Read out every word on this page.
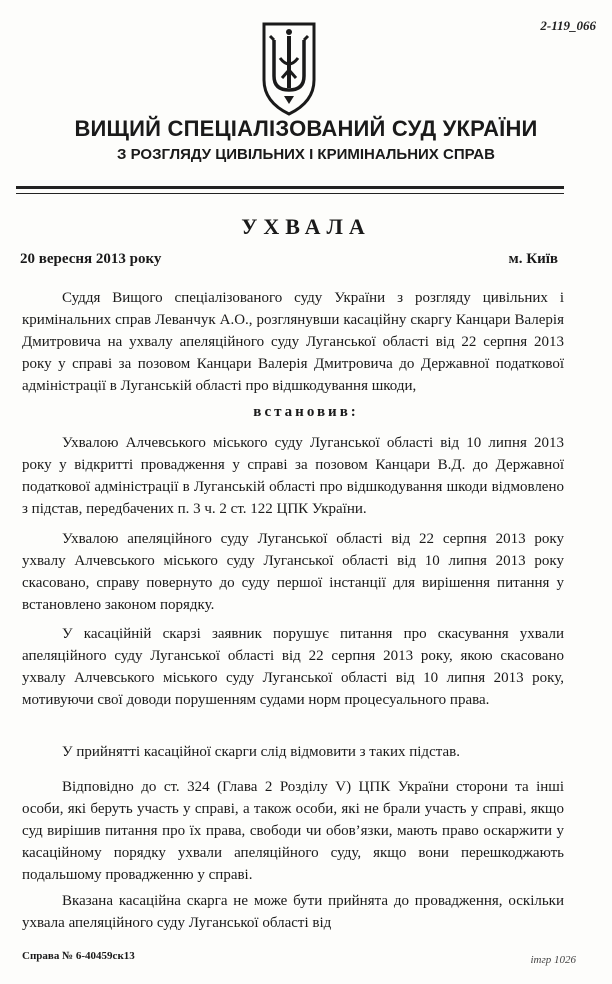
2-119_066
ВИЩИЙ СПЕЦІАЛІЗОВАНИЙ СУД УКРАЇНИ
З РОЗГЛЯДУ ЦИВІЛЬНИХ І КРИМІНАЛЬНИХ СПРАВ
УХВАЛА
20 вересня 2013 року	м. Київ
Суддя Вищого спеціалізованого суду України з розгляду цивільних і кримінальних справ Леванчук А.О., розглянувши касаційну скаргу Канцари Валерія Дмитровича на ухвалу апеляційного суду Луганської області від 22 серпня 2013 року у справі за позовом Канцари Валерія Дмитровича до Державної податкової адміністрації в Луганській області про відшкодування шкоди,
встановив:
Ухвалою Алчевського міського суду Луганської області від 10 липня 2013 року у відкритті провадження у справі за позовом Канцари В.Д. до Державної податкової адміністрації в Луганській області про відшкодування шкоди відмовлено з підстав, передбачених п. 3 ч. 2 ст. 122 ЦПК України.
Ухвалою апеляційного суду Луганської області від 22 серпня 2013 року ухвалу Алчевського міського суду Луганської області від 10 липня 2013 року скасовано, справу повернуто до суду першої інстанції для вирішення питання у встановлено законом порядку.
У касаційній скарзі заявник порушує питання про скасування ухвали апеляційного суду Луганської області від 22 серпня 2013 року, якою скасовано ухвалу Алчевського міського суду Луганської області від 10 липня 2013 року, мотивуючи свої доводи порушенням судами норм процесуального права.
У прийнятті касаційної скарги слід відмовити з таких підстав.
Відповідно до ст. 324 (Глава 2 Розділу V) ЦПК України сторони та інші особи, які беруть участь у справі, а також особи, які не брали участь у справі, якщо суд вирішив питання про їх права, свободи чи обов’язки, мають право оскаржити у касаційному порядку ухвали апеляційного суду, якщо вони перешкоджають подальшому провадженню у справі.
Вказана касаційна скарга не може бути прийнята до провадження, оскільки ухвала апеляційного суду Луганської області від
Справа № 6-40459ск13	ітгр 1026
